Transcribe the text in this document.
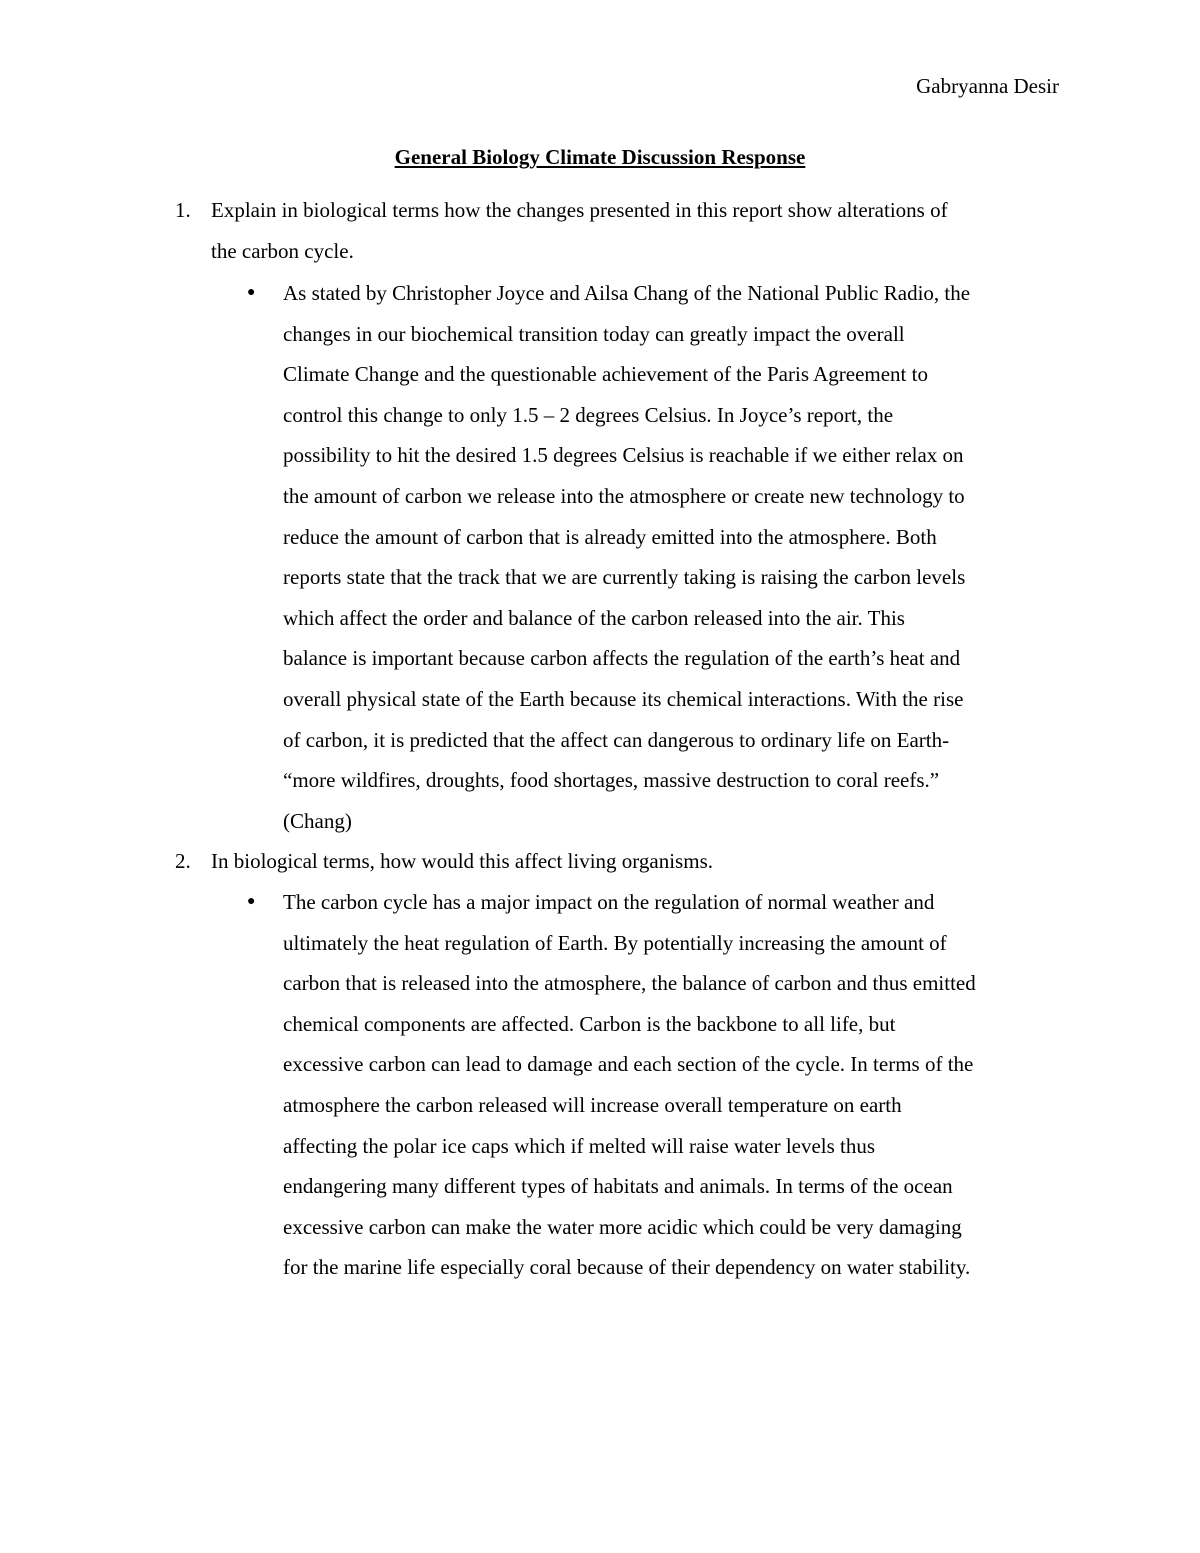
Gabryanna Desir
General Biology Climate Discussion Response
1. Explain in biological terms how the changes presented in this report show alterations of
the carbon cycle.
● As stated by Christopher Joyce and Ailsa Chang of the National Public Radio, the
changes in our biochemical transition today can greatly impact the overall
Climate Change and the questionable achievement of the Paris Agreement to
control this change to only 1.5 – 2 degrees Celsius. In Joyce’s report, the
possibility to hit the desired 1.5 degrees Celsius is reachable if we either relax on
the amount of carbon we release into the atmosphere or create new technology to
reduce the amount of carbon that is already emitted into the atmosphere. Both
reports state that the track that we are currently taking is raising the carbon levels
which affect the order and balance of the carbon released into the air. This
balance is important because carbon affects the regulation of the earth’s heat and
overall physical state of the Earth because its chemical interactions. With the rise
of carbon, it is predicted that the affect can dangerous to ordinary life on Earth-
“more wildfires, droughts, food shortages, massive destruction to coral reefs.”
(Chang)
2. In biological terms, how would this affect living organisms.
● The carbon cycle has a major impact on the regulation of normal weather and
ultimately the heat regulation of Earth. By potentially increasing the amount of
carbon that is released into the atmosphere, the balance of carbon and thus emitted
chemical components are affected. Carbon is the backbone to all life, but
excessive carbon can lead to damage and each section of the cycle. In terms of the
atmosphere the carbon released will increase overall temperature on earth
affecting the polar ice caps which if melted will raise water levels thus
endangering many different types of habitats and animals. In terms of the ocean
excessive carbon can make the water more acidic which could be very damaging
for the marine life especially coral because of their dependency on water stability.
